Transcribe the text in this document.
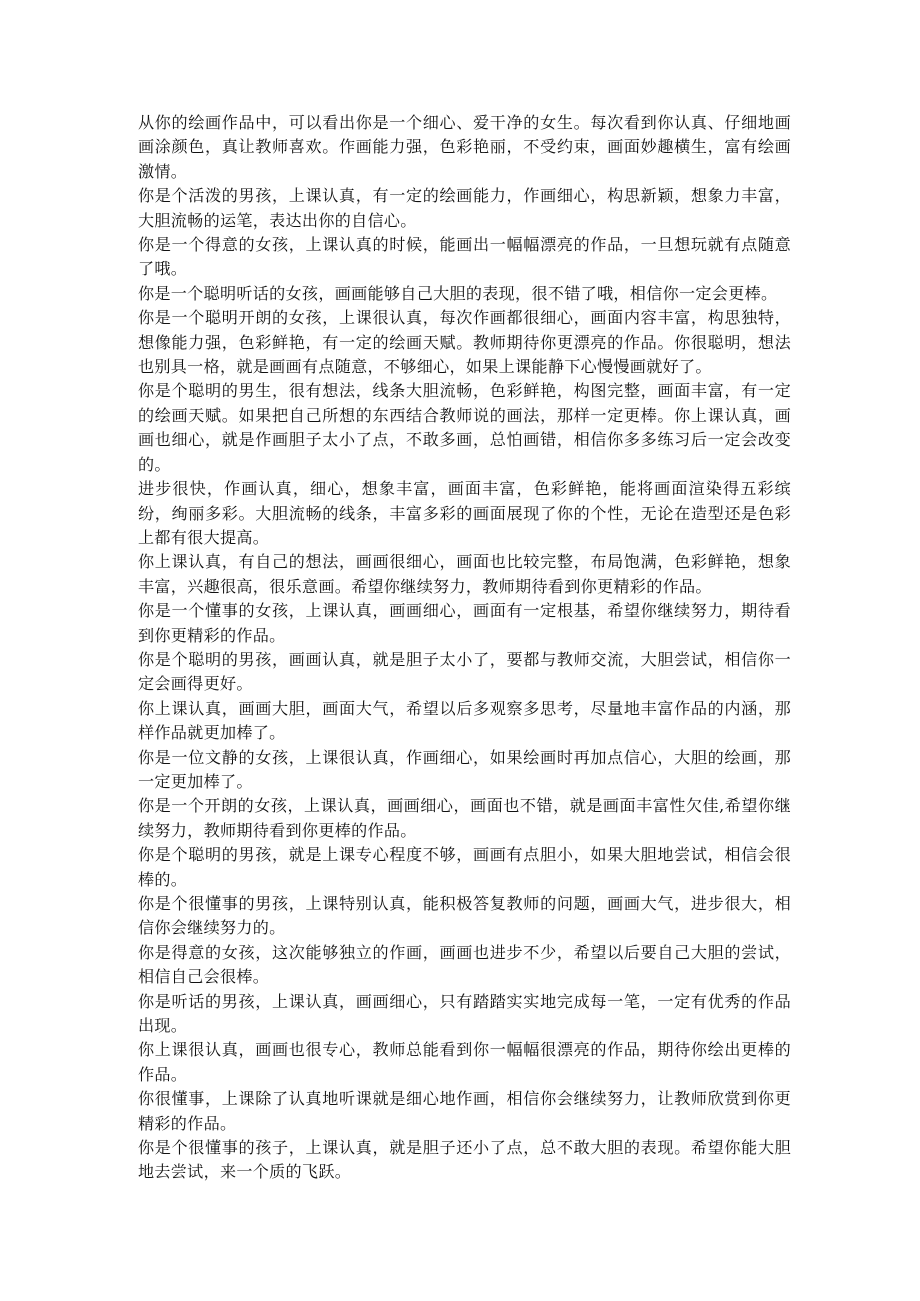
从你的绘画作品中，可以看出你是一个细心、爱干净的女生。每次看到你认真、仔细地画画涂颜色，真让教师喜欢。作画能力强，色彩艳丽，不受约束，画面妙趣横生，富有绘画激情。

你是个活泼的男孩，上课认真，有一定的绘画能力，作画细心，构思新颖，想象力丰富，大胆流畅的运笔，表达出你的自信心。

你是一个得意的女孩，上课认真的时候，能画出一幅幅漂亮的作品，一旦想玩就有点随意了哦。

你是一个聪明听话的女孩，画画能够自己大胆的表现，很不错了哦，相信你一定会更棒。

你是一个聪明开朗的女孩，上课很认真，每次作画都很细心，画面内容丰富，构思独特，想像能力强，色彩鲜艳，有一定的绘画天赋。教师期待你更漂亮的作品。你很聪明，想法也别具一格，就是画画有点随意，不够细心，如果上课能静下心慢慢画就好了。

你是个聪明的男生，很有想法，线条大胆流畅，色彩鲜艳，构图完整，画面丰富，有一定的绘画天赋。如果把自己所想的东西结合教师说的画法，那样一定更棒。你上课认真，画画也细心，就是作画胆子太小了点，不敢多画，总怕画错，相信你多多练习后一定会改变的。

进步很快，作画认真，细心，想象丰富，画面丰富，色彩鲜艳，能将画面渲染得五彩缤纷，绚丽多彩。大胆流畅的线条，丰富多彩的画面展现了你的个性，无论在造型还是色彩上都有很大提高。

你上课认真，有自己的想法，画画很细心，画面也比较完整，布局饱满，色彩鲜艳，想象丰富，兴趣很高，很乐意画。希望你继续努力，教师期待看到你更精彩的作品。

你是一个懂事的女孩，上课认真，画画细心，画面有一定根基，希望你继续努力，期待看到你更精彩的作品。

你是个聪明的男孩，画画认真，就是胆子太小了，要都与教师交流，大胆尝试，相信你一定会画得更好。

你上课认真，画画大胆，画面大气，希望以后多观察多思考，尽量地丰富作品的内涵，那样作品就更加棒了。

你是一位文静的女孩，上课很认真，作画细心，如果绘画时再加点信心，大胆的绘画，那一定更加棒了。

你是一个开朗的女孩，上课认真，画画细心，画面也不错，就是画面丰富性欠佳,希望你继续努力，教师期待看到你更棒的作品。

你是个聪明的男孩，就是上课专心程度不够，画画有点胆小，如果大胆地尝试，相信会很棒的。

你是个很懂事的男孩，上课特别认真，能积极答复教师的问题，画画大气，进步很大，相信你会继续努力的。

你是得意的女孩，这次能够独立的作画，画画也进步不少，希望以后要自己大胆的尝试，相信自己会很棒。

你是听话的男孩，上课认真，画画细心，只有踏踏实实地完成每一笔，一定有优秀的作品出现。

你上课很认真，画画也很专心，教师总能看到你一幅幅很漂亮的作品，期待你绘出更棒的作品。

你很懂事，上课除了认真地听课就是细心地作画，相信你会继续努力，让教师欣赏到你更精彩的作品。

你是个很懂事的孩子，上课认真，就是胆子还小了点，总不敢大胆的表现。希望你能大胆地去尝试，来一个质的飞跃。
